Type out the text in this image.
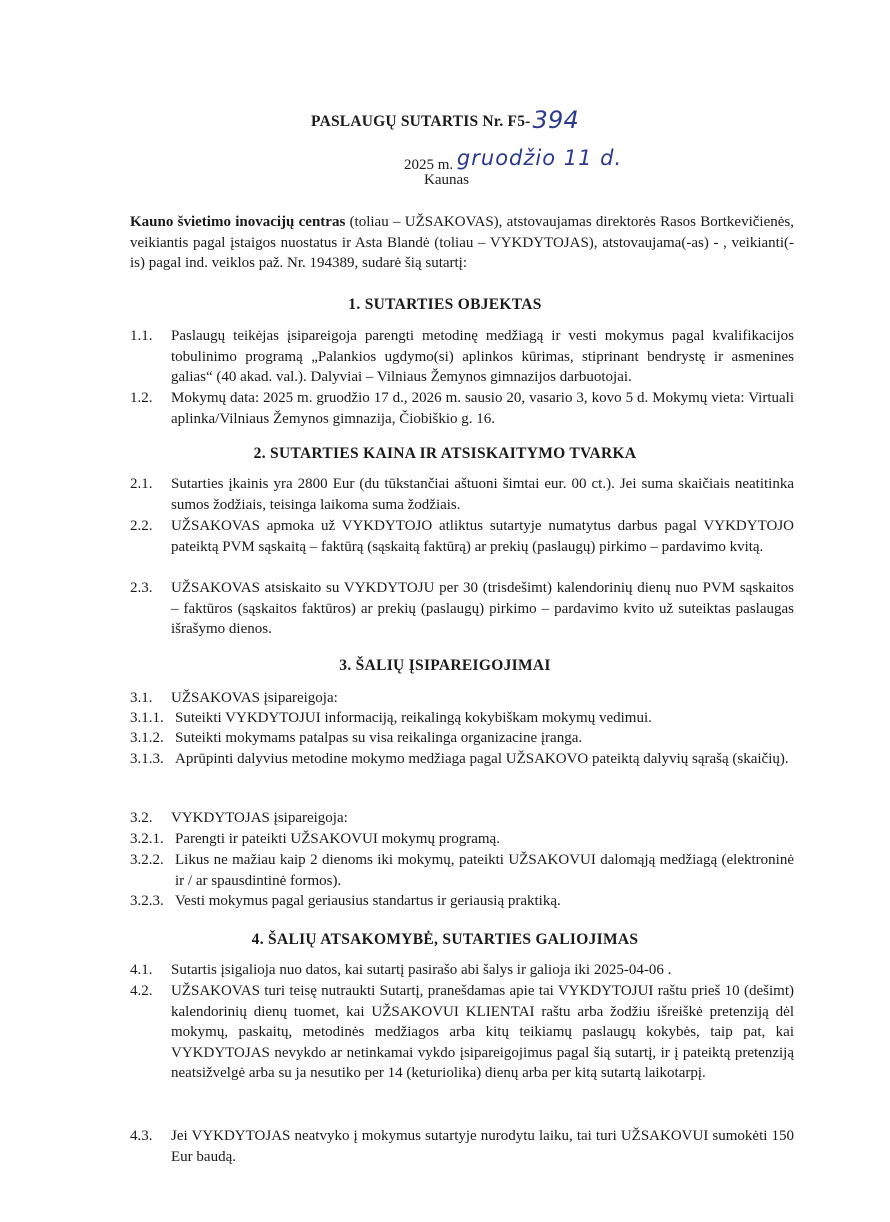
PASLAUGŲ SUTARTIS Nr. F5-394
2025 m. gruodžio 11 d.
Kaunas
Kauno švietimo inovacijų centras (toliau – UŽSAKOVAS), atstovaujamas direktorės Rasos Bortkevičienės, veikiantis pagal įstaigos nuostatus ir Asta Blandė (toliau – VYKDYTOJAS), atstovaujama(-as) - , veikianti(-is) pagal ind. veiklos paž. Nr. 194389, sudarė šią sutartį:
1. SUTARTIES OBJEKTAS
1.1. Paslaugų teikėjas įsipareigoja parengti metodinę medžiagą ir vesti mokymus pagal kvalifikacijos tobulinimo programą „Palankios ugdymo(si) aplinkos kūrimas, stiprinant bendrystę ir asmenines galias“ (40 akad. val.). Dalyviai – Vilniaus Žemynos gimnazijos darbuotojai.
1.2. Mokymų data: 2025 m. gruodžio 17 d., 2026 m. sausio 20, vasario 3, kovo 5 d. Mokymų vieta: Virtuali aplinka/Vilniaus Žemynos gimnazija, Čiobiškio g. 16.
2. SUTARTIES KAINA IR ATSISKAITYMO TVARKA
2.1. Sutarties įkainis yra 2800 Eur (du tūkstančiai aštuoni šimtai eur. 00 ct.). Jei suma skaičiais neatitinka sumos žodžiais, teisinga laikoma suma žodžiais.
2.2. UŽSAKOVAS apmoka už VYKDYTOJO atliktus sutartyje numatytus darbus pagal VYKDYTOJO pateiktą PVM sąskaitą – faktūrą (sąskaitą faktūrą) ar prekių (paslaugų) pirkimo – pardavimo kvitą.
2.3. UŽSAKOVAS atsiskaito su VYKDYTOJU per 30 (trisdešimt) kalendorinių dienų nuo PVM sąskaitos – faktūros (sąskaitos faktūros) ar prekių (paslaugų) pirkimo – pardavimo kvito už suteiktas paslaugas išrašymo dienos.
3. ŠALIŲ ĮSIPAREIGOJIMAI
3.1. UŽSAKOVAS įsipareigoja:
3.1.1. Suteikti VYKDYTOJUI informaciją, reikalingą kokybiškam mokymų vedimui.
3.1.2. Suteikti mokymams patalpas su visa reikalinga organizacine įranga.
3.1.3. Aprūpinti dalyvius metodine mokymo medžiaga pagal UŽSAKOVO pateiktą dalyvių sąrašą (skaičių).
3.2. VYKDYTOJAS įsipareigoja:
3.2.1. Parengti ir pateikti UŽSAKOVUI mokymų programą.
3.2.2. Likus ne mažiau kaip 2 dienoms iki mokymų, pateikti UŽSAKOVUI dalomąją medžiagą (elektroninė ir / ar spausdintinė formos).
3.2.3. Vesti mokymus pagal geriausius standartus ir geriausią praktiką.
4. ŠALIŲ ATSAKOMYBĖ, SUTARTIES GALIOJIMAS
4.1. Sutartis įsigalioja nuo datos, kai sutartį pasirašo abi šalys ir galioja iki 2025-04-06 .
4.2. UŽSAKOVAS turi teisę nutraukti Sutartį, pranešdamas apie tai VYKDYTOJUI raštu prieš 10 (dešimt) kalendorinių dienų tuomet, kai UŽSAKOVUI KLIENTAI raštu arba žodžiu išreiškė pretenziją dėl mokymų, paskaitų, metodinės medžiagos arba kitų teikiamų paslaugų kokybės, taip pat, kai VYKDYTOJAS nevykdo ar netinkamai vykdo įsipareigojimus pagal šią sutartį, ir į pateiktą pretenziją neatsižvelgė arba su ja nesutiko per 14 (keturiolika) dienų arba per kitą sutartą laikotarpį.
4.3. Jei VYKDYTOJAS neatvyko į mokymus sutartyje nurodytu laiku, tai turi UŽSAKOVUI sumokėti 150 Eur baudą.
